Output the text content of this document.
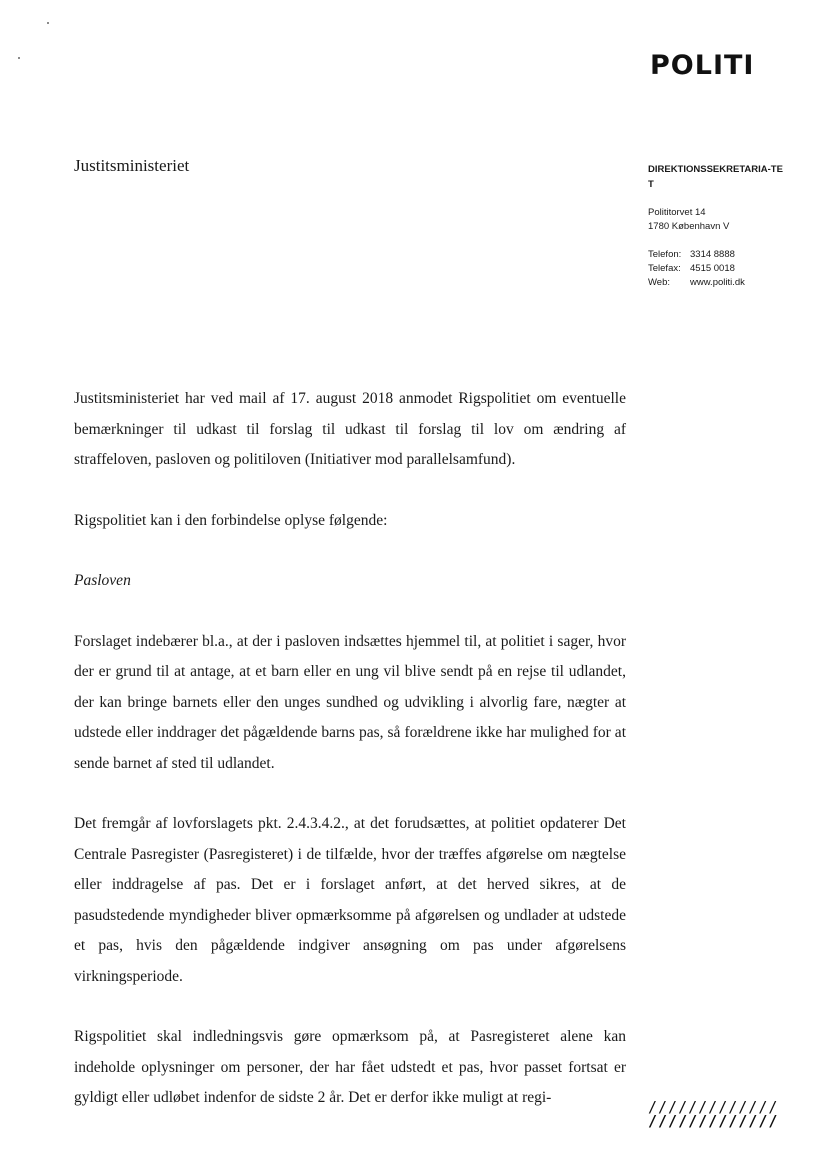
POLITI
Justitsministeriet	DIREKTIONSSEKRETARIA-TET
Polititorvet 14
1780 København V
Telefon: 3314 8888
Telefax: 4515 0018
Web:	www.politi.dk

Justitsministeriet har ved mail af 17. august 2018 anmodet Rigspolitiet om eventuelle bemærkninger til udkast til forslag til udkast til forslag til lov om ændring af straffeloven, pasloven og politiloven (Initiativer mod parallelsamfund).

Rigspolitiet kan i den forbindelse oplyse følgende:

Pasloven

Forslaget indebærer bl.a., at der i pasloven indsættes hjemmel til, at politiet i sager, hvor der er grund til at antage, at et barn eller en ung vil blive sendt på en rejse til udlandet, der kan bringe barnets eller den unges sundhed og udvikling i alvorlig fare, nægter at udstede eller inddrager det pågældende barns pas, så forældrene ikke har mulighed for at sende barnet af sted til udlandet.

Det fremgår af lovforslagets pkt. 2.4.3.4.2., at det forudsættes, at politiet opdaterer Det Centrale Pasregister (Pasregisteret) i de tilfælde, hvor der træffes afgørelse om nægtelse eller inddragelse af pas. Det er i forslaget anført, at det herved sikres, at de pasudstedende myndigheder bliver opmærksomme på afgørelsen og undlader at udstede et pas, hvis den pågældende indgiver ansøgning om pas under afgørelsens virkningsperiode.

Rigspolitiet skal indledningsvis gøre opmærksom på, at Pasregisteret alene kan indeholde oplysninger om personer, der har fået udstedt et pas, hvor passet fortsat er gyldigt eller udløbet indenfor de sidste 2 år. Det er derfor ikke muligt at regi-

/////////////
/////////////
